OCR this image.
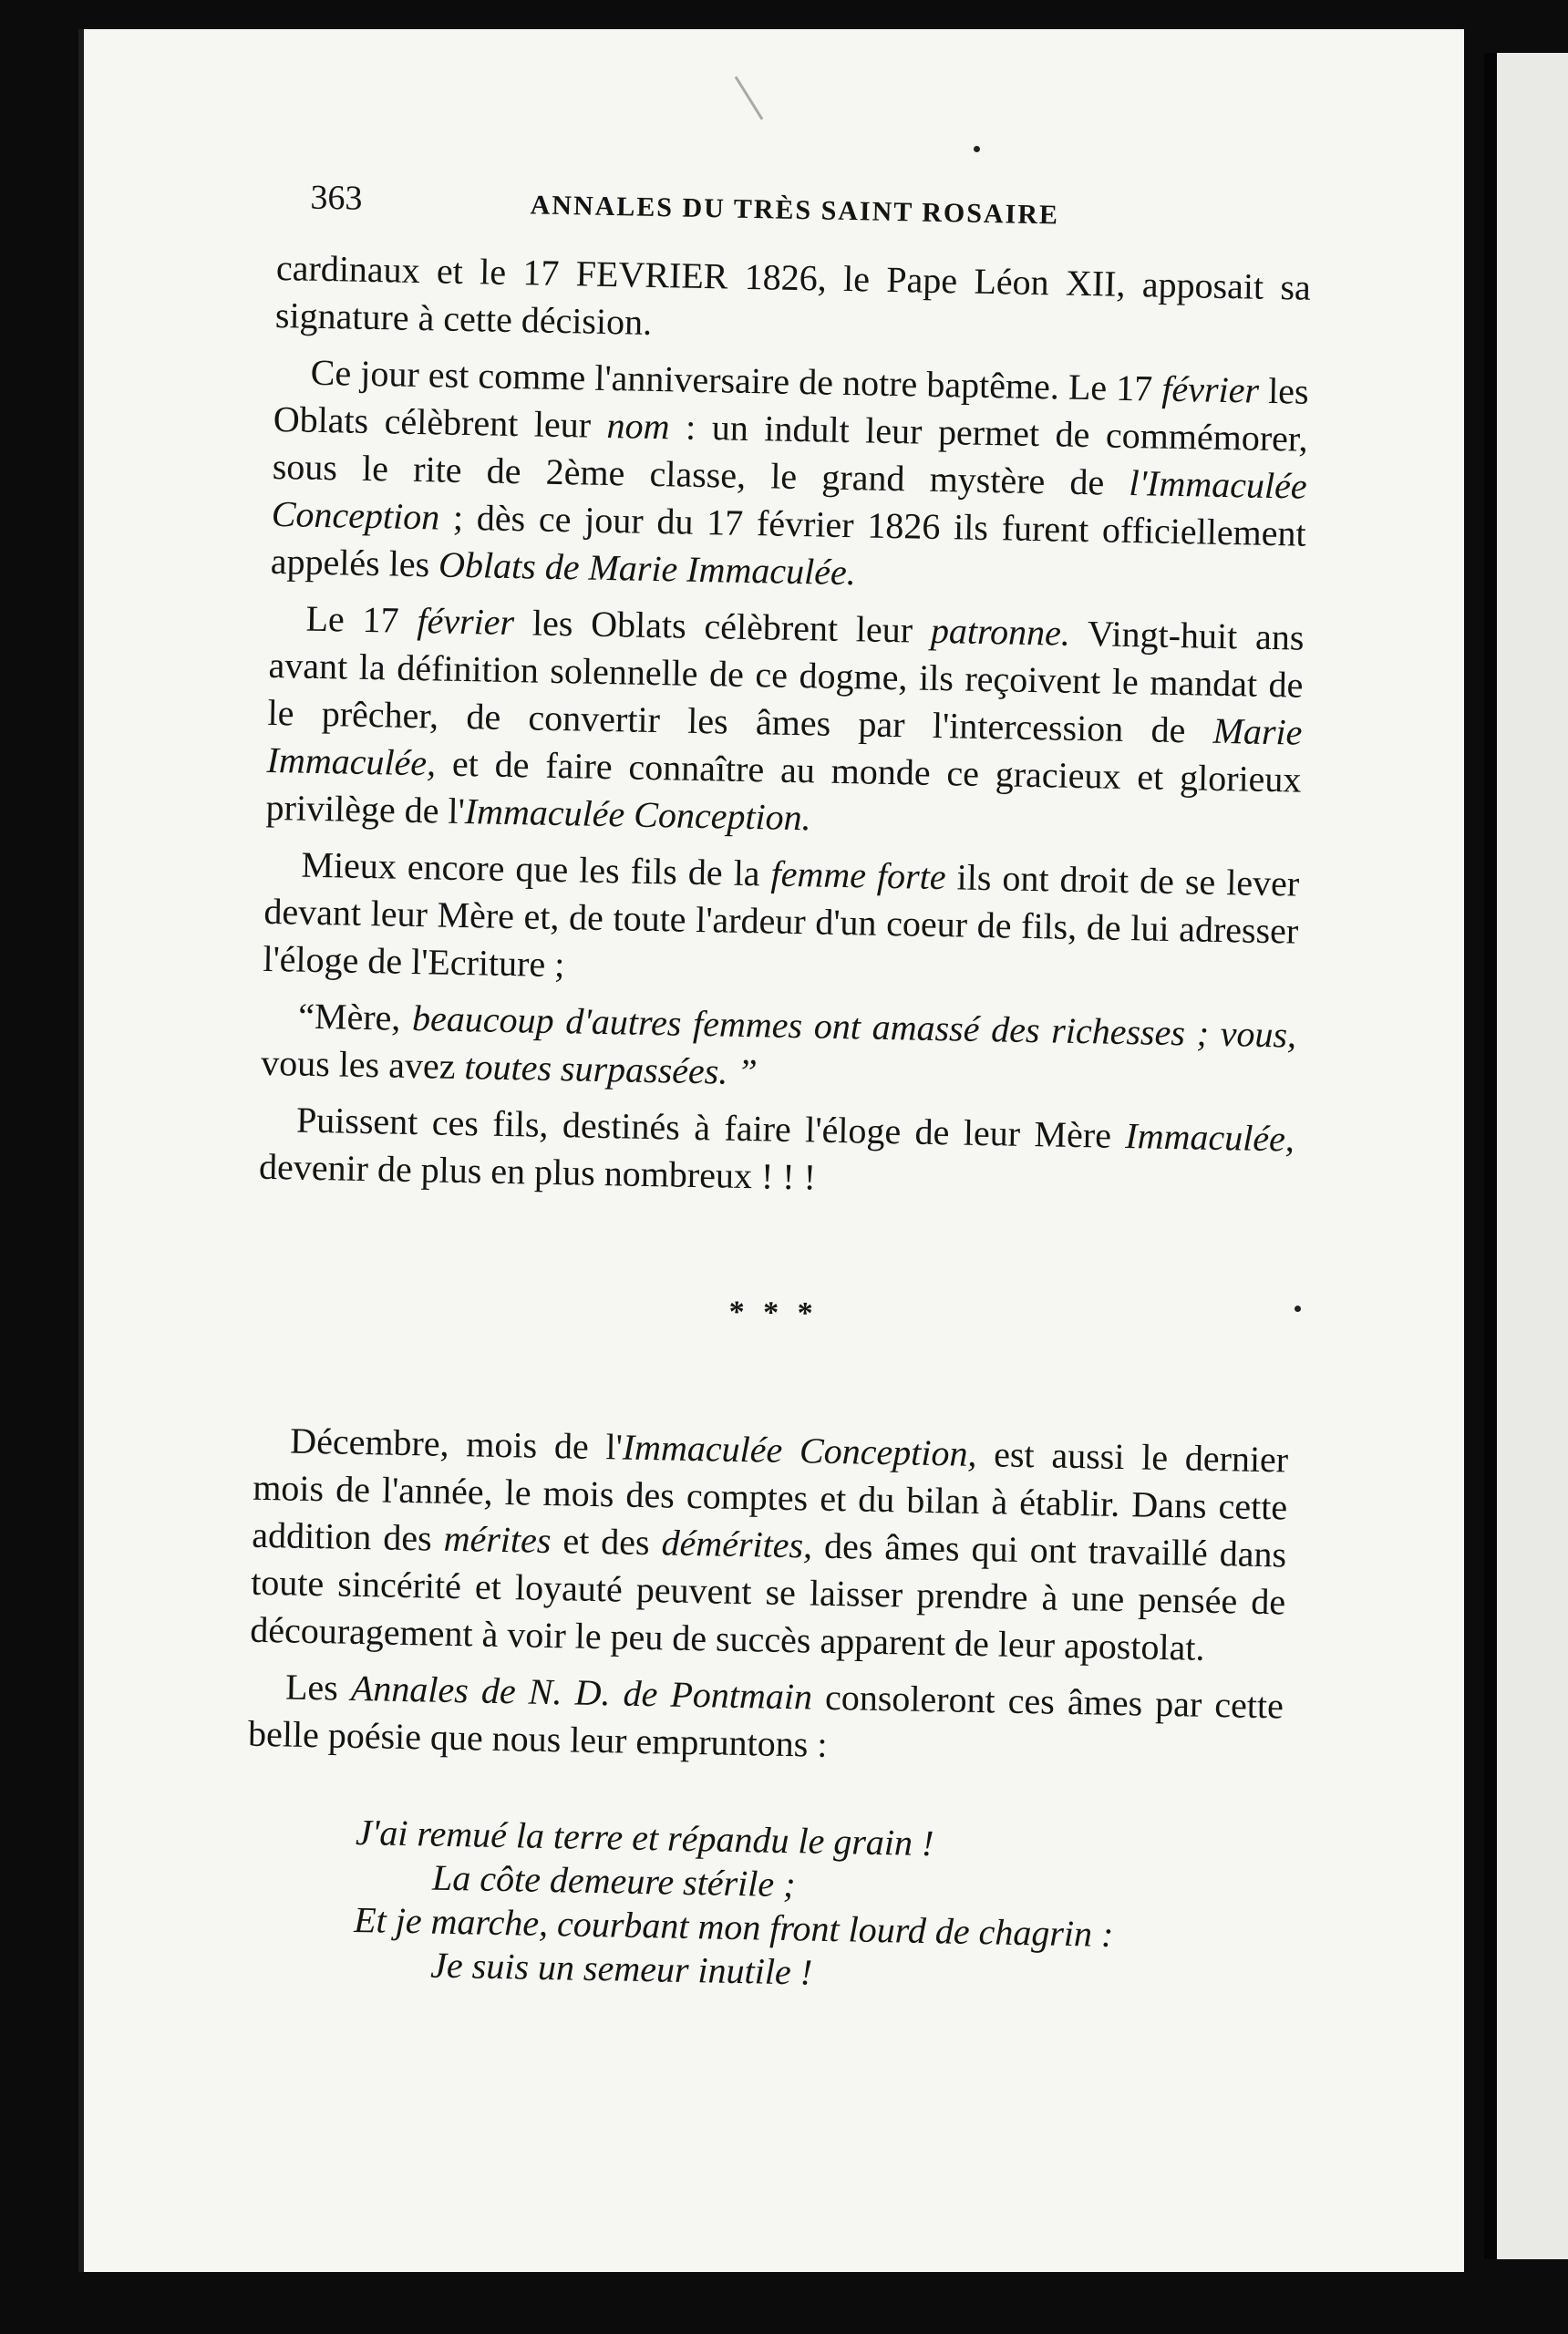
363	ANNALES DU TRÈS SAINT ROSAIRE

cardinaux et le 17 FEVRIER 1826, le Pape Léon XII, apposait sa signature à cette décision.

Ce jour est comme l'anniversaire de notre baptême. Le 17 février les Oblats célèbrent leur nom : un indult leur permet de commémorer, sous le rite de 2ème classe, le grand mystère de l'Immaculée Conception ; dès ce jour du 17 février 1826 ils furent officiellement appelés les Oblats de Marie Immaculée.

Le 17 février les Oblats célèbrent leur patronne. Vingt-huit ans avant la définition solennelle de ce dogme, ils reçoivent le mandat de le prêcher, de convertir les âmes par l'intercession de Marie Immaculée, et de faire connaître au monde ce gracieux et glorieux privilège de l'Immaculée Conception.

Mieux encore que les fils de la femme forte ils ont droit de se lever devant leur Mère et, de toute l'ardeur d'un coeur de fils, de lui adresser l'éloge de l'Ecriture ;

“Mère, beaucoup d'autres femmes ont amassé des richesses ; vous, vous les avez toutes surpassées. ”

Puissent ces fils, destinés à faire l'éloge de leur Mère Immaculée, devenir de plus en plus nombreux ! ! !

* * *

Décembre, mois de l'Immaculée Conception, est aussi le dernier mois de l'année, le mois des comptes et du bilan à établir. Dans cette addition des mérites et des démérites, des âmes qui ont travaillé dans toute sincérité et loyauté peuvent se laisser prendre à une pensée de découragement à voir le peu de succès apparent de leur apostolat.

Les Annales de N. D. de Pontmain consoleront ces âmes par cette belle poésie que nous leur empruntons :

J'ai remué la terre et répandu le grain !
La côte demeure stérile ;
Et je marche, courbant mon front lourd de chagrin :
Je suis un semeur inutile !
